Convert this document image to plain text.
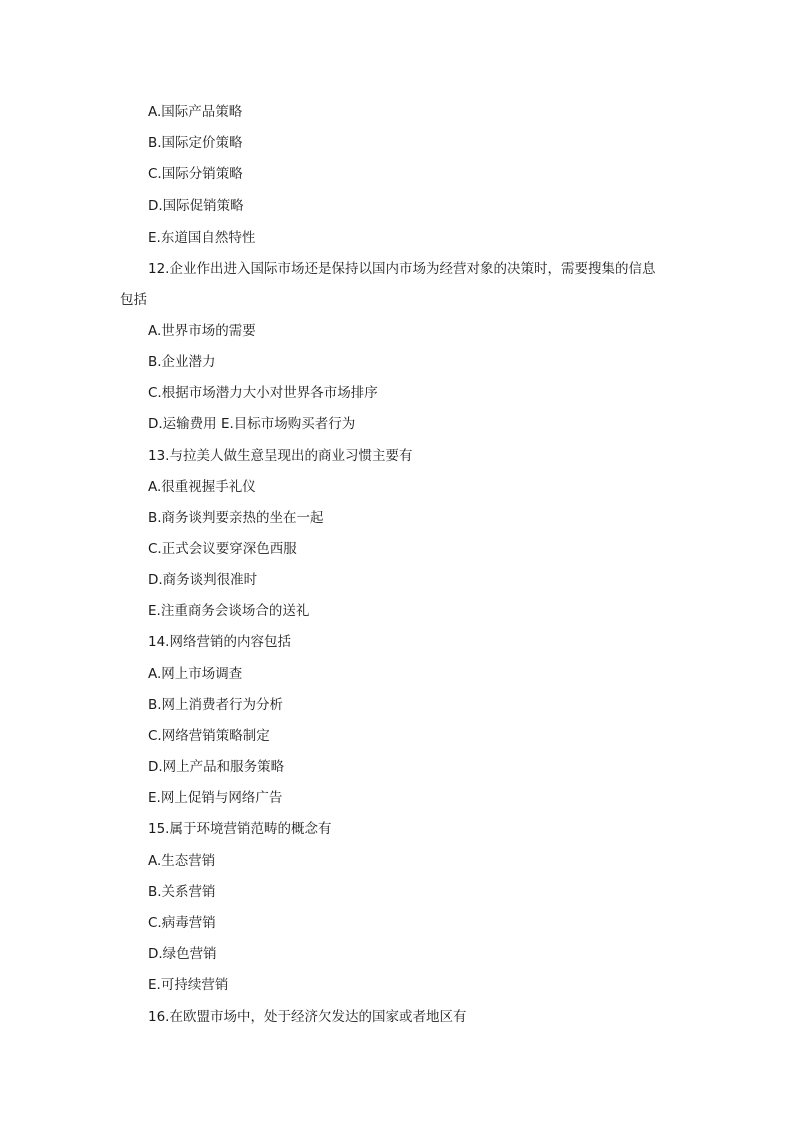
A.国际产品策略
B.国际定价策略
C.国际分销策略
D.国际促销策略
E.东道国自然特性
12.企业作出进入国际市场还是保持以国内市场为经营对象的决策时，需要搜集的信息
包括
A.世界市场的需要
B.企业潜力
C.根据市场潜力大小对世界各市场排序
D.运输费用 E.目标市场购买者行为
13.与拉美人做生意呈现出的商业习惯主要有
A.很重视握手礼仪
B.商务谈判要亲热的坐在一起
C.正式会议要穿深色西服
D.商务谈判很准时
E.注重商务会谈场合的送礼
14.网络营销的内容包括
A.网上市场调查
B.网上消费者行为分析
C.网络营销策略制定
D.网上产品和服务策略
E.网上促销与网络广告
15.属于环境营销范畴的概念有
A.生态营销
B.关系营销
C.病毒营销
D.绿色营销
E.可持续营销
16.在欧盟市场中，处于经济欠发达的国家或者地区有
